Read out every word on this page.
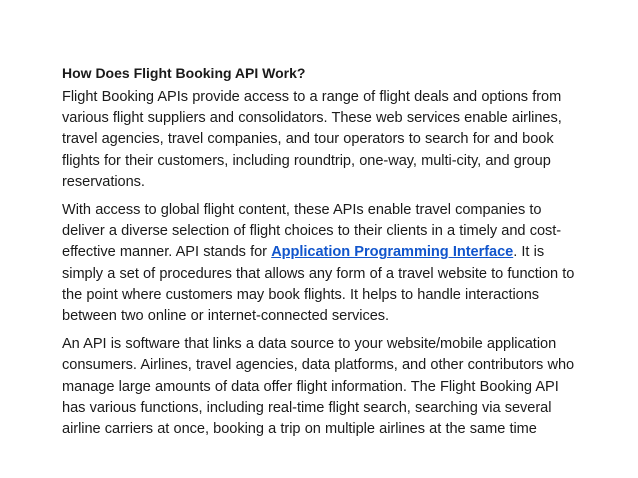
How Does Flight Booking API Work?

Flight Booking APIs provide access to a range of flight deals and options from various flight suppliers and consolidators. These web services enable airlines, travel agencies, travel companies, and tour operators to search for and book flights for their customers, including roundtrip, one-way, multi-city, and group reservations.

With access to global flight content, these APIs enable travel companies to deliver a diverse selection of flight choices to their clients in a timely and cost-effective manner. API stands for Application Programming Interface. It is simply a set of procedures that allows any form of a travel website to function to the point where customers may book flights. It helps to handle interactions between two online or internet-connected services.

An API is software that links a data source to your website/mobile application consumers. Airlines, travel agencies, data platforms, and other contributors who manage large amounts of data offer flight information. The Flight Booking API has various functions, including real-time flight search, searching via several airline carriers at once, booking a trip on multiple airlines at the same time
